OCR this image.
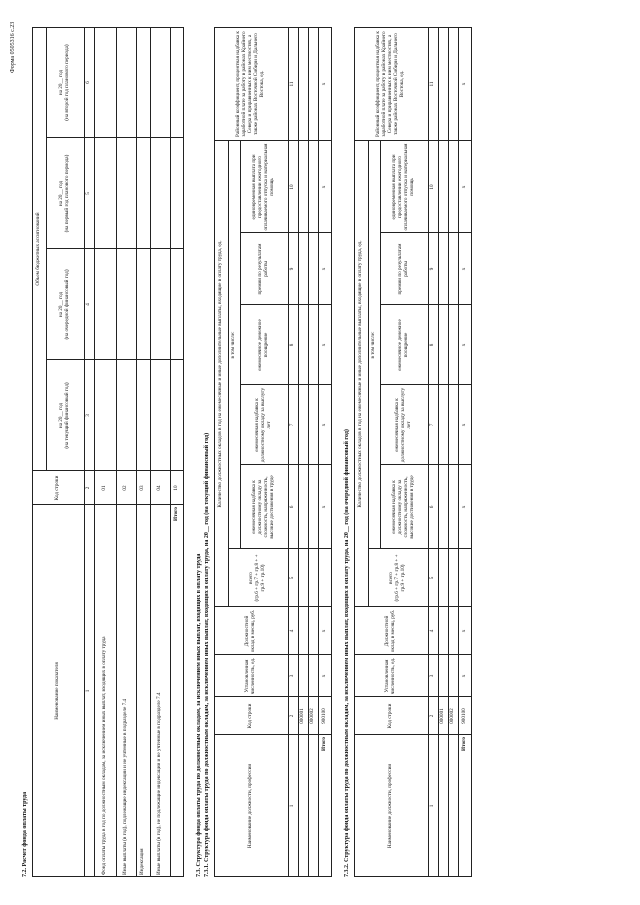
Форма 0505316 с.23
7.2. Расчет фонда оплаты труда
Наименование показателя
Код строки
Объем бюджетных ассигнований
на 20__ год
(на текущий финансовый год)
на 20__ год
(на очередной финансовый год)
на 20__ год
(на первый год планового периода)
на 20__ год
(на второй год планового периода)
1
2
3
4
5
6
Фонд оплаты труда в год по должностным окладам, за исключением иных выплат, входящих в оплату труда
01
Иные выплаты (в год), подлежащие индексации и не учтенные в подразделе 7.4
02
Индексация
03
Иные выплаты (в год), не подлежащие индексации и не учтенные в подразделе 7.4
04
Итого
10
7.3. Структура фонда оплаты труда по должностным окладам, за исключением иных выплат, входящих в оплату труда 7.3.1. Структура фонда оплаты труда по должностным окладам, за исключением иных выплат, входящих в оплату труда, на 20__ год (на текущий финансовый год)	Наименование должности, профессии
Код строки
Установленная численность, ед.
Должностной оклад в месяц, руб.
Количество должностных окладов в год на ежемесячные и иные дополнительные выплаты, входящие в оплату труда, ед.
всего
(гр.6 + гр.7 + гр.8 + + гр.9 + гр.10)
в том числе:
ежемесячная надбавка к должностному окладу за сложность, напряженность, высокие достижения в труде
ежемесячная надбавка к должностному окладу за выслугу лет
ежемесячное денежное поощрение
премии по результатам работы
единовременная выплата при предоставлении ежегодного оплачиваемого отпуска и материальная помощь
Районный коэффициент, процентная надбавка к заработной плате за работу в районах Крайнего Севера и приравненных к ним местностях, а также районах Восточной Сибири и Дальнего Востока, ед.
1
2
3
4
5
6
7
8
9
10
11
000001 000002
Итого
900100
x
x
x
x
x
x
x
x
7.3.2. Структура фонда оплаты труда по должностным окладам, за исключением иных выплат, входящих в оплату труда, на 20__ год (на очередной финансовый год)	Наименование должности, профессии
Код строки
Установленная численность, ед.
Должностной оклад в месяц, руб.
Количество должностных окладов в год на ежемесячные и иные дополнительные выплаты, входящие в оплату труда, ед.
всего
(гр.6 + гр.7 + гр.8 + + гр.9 + гр.10)
в том числе:
ежемесячная надбавка к должностному окладу за сложность, напряженность, высокие достижения в труде
ежемесячная надбавка к должностному окладу за выслугу лет
ежемесячное денежное поощрение
премии по результатам работы
единовременная выплата при предоставлении ежегодного оплачиваемого отпуска и материальная помощь
Районный коэффициент, процентная надбавка к заработной плате за работу в районах Крайнего Севера и приравненных к ним местностях, а также районах Восточной Сибири и Дальнего Востока, ед.
1
2
3
4
5
6
7
8
9
10
11
000001 000002
Итого
900100
x
x
x
x
x
x
x
x
